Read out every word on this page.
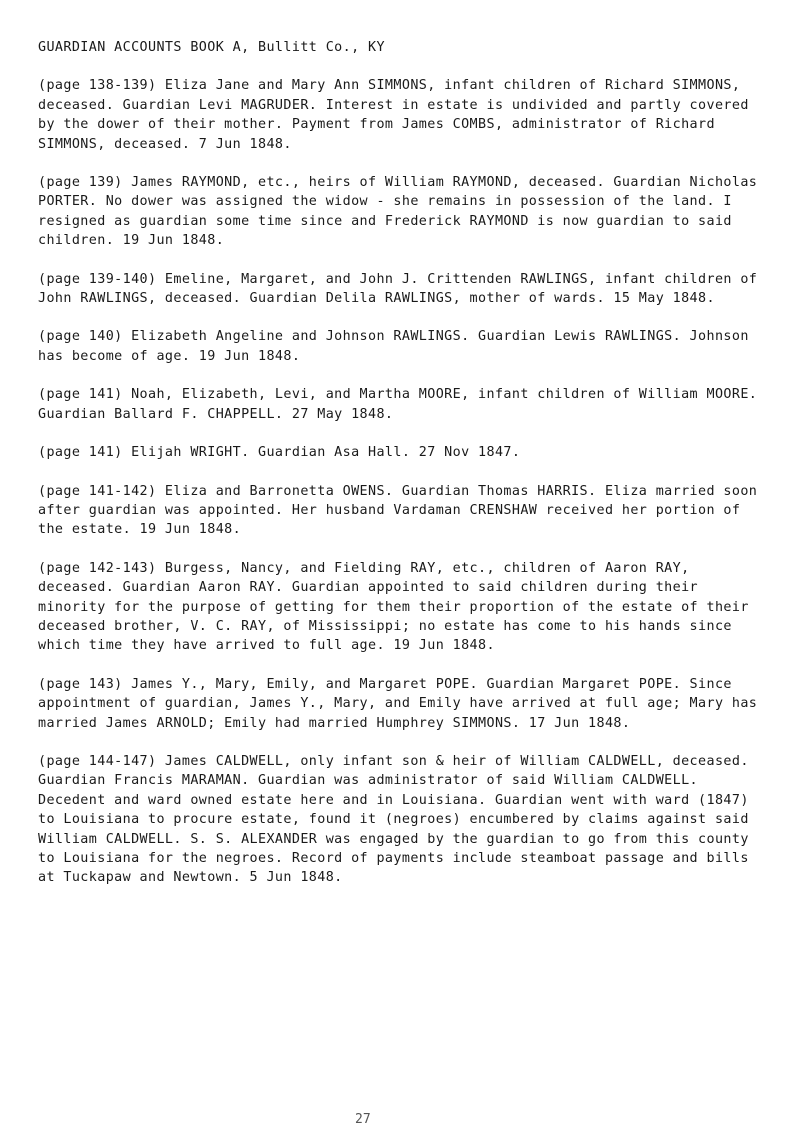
GUARDIAN ACCOUNTS BOOK A, Bullitt Co., KY
(page 138-139) Eliza Jane and Mary Ann SIMMONS, infant children of Richard SIMMONS, deceased. Guardian Levi MAGRUDER. Interest in estate is undivided and partly covered by the dower of their mother. Payment from James COMBS, administrator of Richard SIMMONS, deceased. 7 Jun 1848.
(page 139) James RAYMOND, etc., heirs of William RAYMOND, deceased. Guardian Nicholas PORTER. No dower was assigned the widow - she remains in possession of the land. I resigned as guardian some time since and Frederick RAYMOND is now guardian to said children. 19 Jun 1848.
(page 139-140) Emeline, Margaret, and John J. Crittenden RAWLINGS, infant children of John RAWLINGS, deceased. Guardian Delila RAWLINGS, mother of wards. 15 May 1848.
(page 140) Elizabeth Angeline and Johnson RAWLINGS. Guardian Lewis RAWLINGS. Johnson has become of age. 19 Jun 1848.
(page 141) Noah, Elizabeth, Levi, and Martha MOORE, infant children of William MOORE. Guardian Ballard F. CHAPPELL. 27 May 1848.
(page 141) Elijah WRIGHT. Guardian Asa Hall. 27 Nov 1847.
(page 141-142) Eliza and Barronetta OWENS. Guardian Thomas HARRIS. Eliza married soon after guardian was appointed. Her husband Vardaman CRENSHAW received her portion of the estate. 19 Jun 1848.
(page 142-143) Burgess, Nancy, and Fielding RAY, etc., children of Aaron RAY, deceased. Guardian Aaron RAY. Guardian appointed to said children during their minority for the purpose of getting for them their proportion of the estate of their deceased brother, V. C. RAY, of Mississippi; no estate has come to his hands since which time they have arrived to full age. 19 Jun 1848.
(page 143) James Y., Mary, Emily, and Margaret POPE. Guardian Margaret POPE. Since appointment of guardian, James Y., Mary, and Emily have arrived at full age; Mary has married James ARNOLD; Emily had married Humphrey SIMMONS. 17 Jun 1848.
(page 144-147) James CALDWELL, only infant son & heir of William CALDWELL, deceased. Guardian Francis MARAMAN. Guardian was administrator of said William CALDWELL. Decedent and ward owned estate here and in Louisiana. Guardian went with ward (1847) to Louisiana to procure estate, found it (negroes) encumbered by claims against said William CALDWELL. S. S. ALEXANDER was engaged by the guardian to go from this county to Louisiana for the negroes. Record of payments include steamboat passage and bills at Tuckapaw and Newtown. 5 Jun 1848.
27
